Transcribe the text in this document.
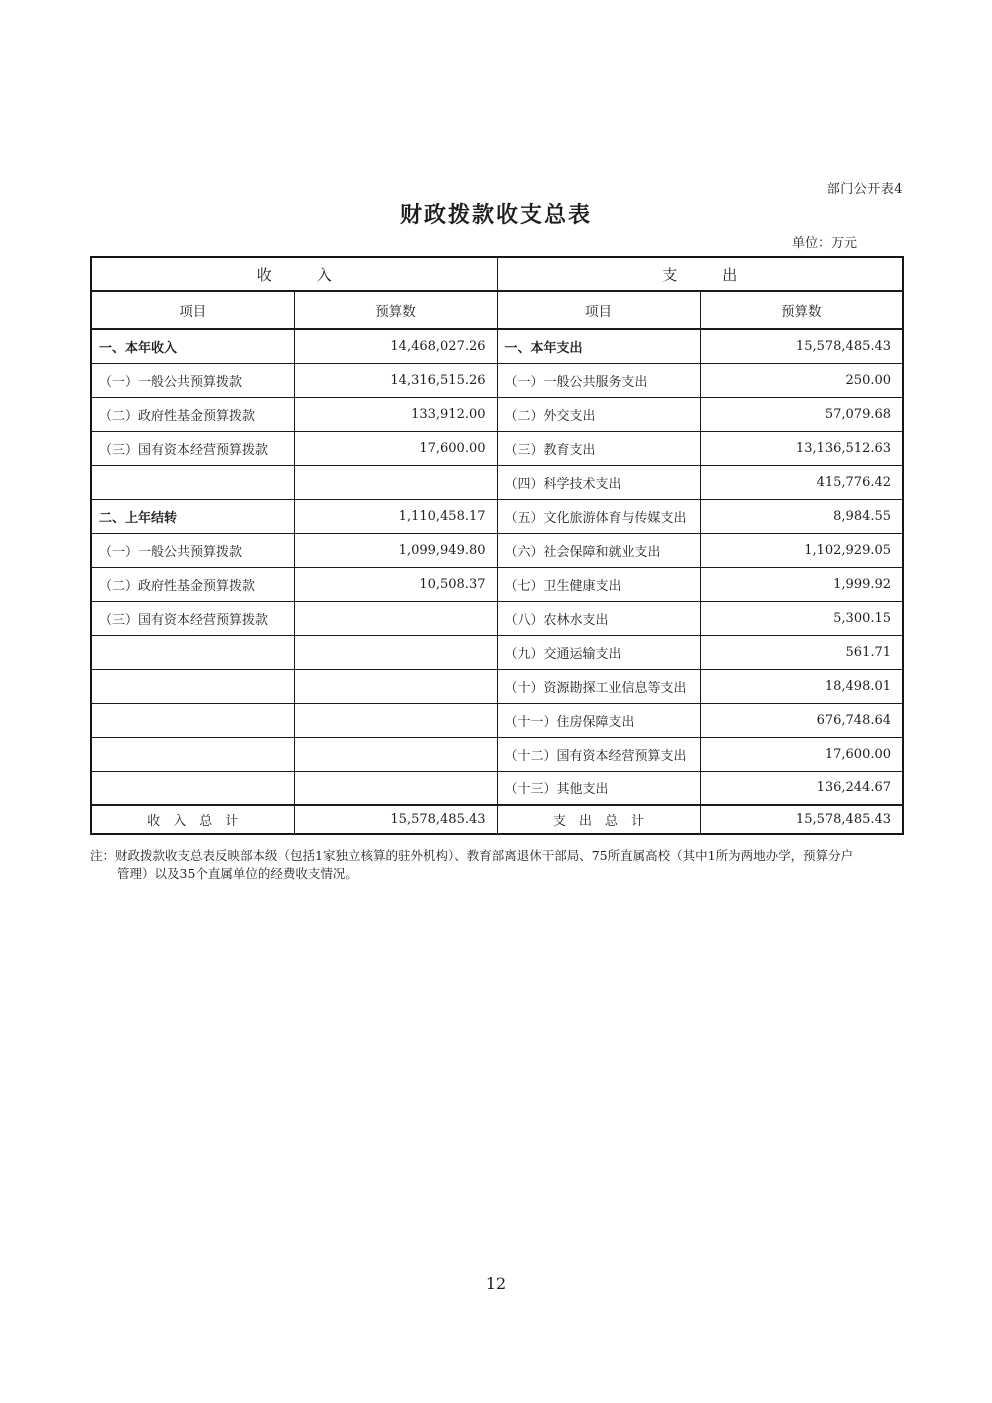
部门公开表4
财政拨款收支总表
单位：万元
收　　　入		支　　　出	
项目	预算数	项目	预算数
一、本年收入	14,468,027.26	一、本年支出	15,578,485.43
（一）一般公共预算拨款	14,316,515.26	（一）一般公共服务支出	250.00
（二）政府性基金预算拨款	133,912.00	（二）外交支出	57,079.68
（三）国有资本经营预算拨款	17,600.00	（三）教育支出	13,136,512.63
		（四）科学技术支出	415,776.42
二、上年结转	1,110,458.17	（五）文化旅游体育与传媒支出	8,984.55
（一）一般公共预算拨款	1,099,949.80	（六）社会保障和就业支出	1,102,929.05
（二）政府性基金预算拨款	10,508.37	（七）卫生健康支出	1,999.92
（三）国有资本经营预算拨款		（八）农林水支出	5,300.15
		（九）交通运输支出	561.71
		（十）资源勘探工业信息等支出	18,498.01
		（十一）住房保障支出	676,748.64
		（十二）国有资本经营预算支出	17,600.00
		（十三）其他支出	136,244.67
收　入　总　计	15,578,485.43	支　出　总　计	15,578,485.43
注：财政拨款收支总表反映部本级（包括1家独立核算的驻外机构）、教育部离退休干部局、75所直属高校（其中1所为两地办学，预算分户
管理）以及35个直属单位的经费收支情况。
12
